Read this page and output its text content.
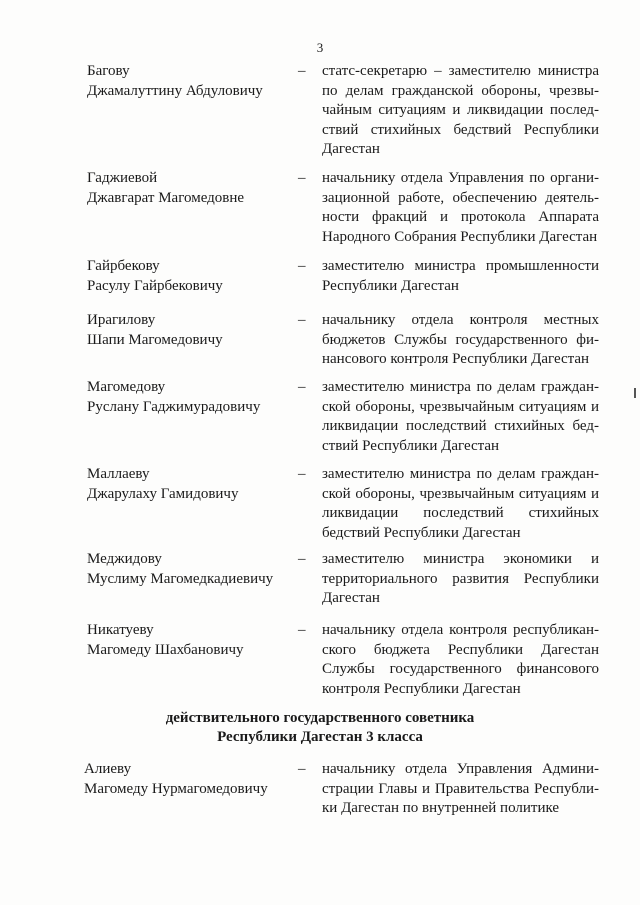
3
Багову
Джамалуттину Абдуловичу
– статс-секретарю – заместителю министра по делам гражданской обороны, чрезвычайным ситуациям и ликвидации последствий стихийных бедствий Республики Дагестан
Гаджиевой
Джавгарат Магомедовне
– начальнику отдела Управления по организационной работе, обеспечению деятельности фракций и протокола Аппарата Народного Собрания Республики Дагестан
Гайрбекову
Расулу Гайрбековичу
– заместителю министра промышленности Республики Дагестан
Ирагилову
Шапи Магомедовичу
– начальнику отдела контроля местных бюджетов Службы государственного финансового контроля Республики Дагестан
Магомедову
Руслану Гаджимурадовичу
– заместителю министра по делам гражданской обороны, чрезвычайным ситуациям и ликвидации последствий стихийных бедствий Республики Дагестан
Маллаеву
Джарулаху Гамидовичу
– заместителю министра по делам гражданской обороны, чрезвычайным ситуациям и ликвидации последствий стихийных бедствий Республики Дагестан
Меджидову
Муслиму Магомедкадиевичу
– заместителю министра экономики и территориального развития Республики Дагестан
Никатуеву
Магомеду Шахбановичу
– начальнику отдела контроля республиканского бюджета Республики Дагестан Службы государственного финансового контроля Республики Дагестан
действительного государственного советника
Республики Дагестан 3 класса
Алиеву
Магомеду Нурмагомедовичу
– начальнику отдела Управления Администрации Главы и Правительства Республики Дагестан по внутренней политике
